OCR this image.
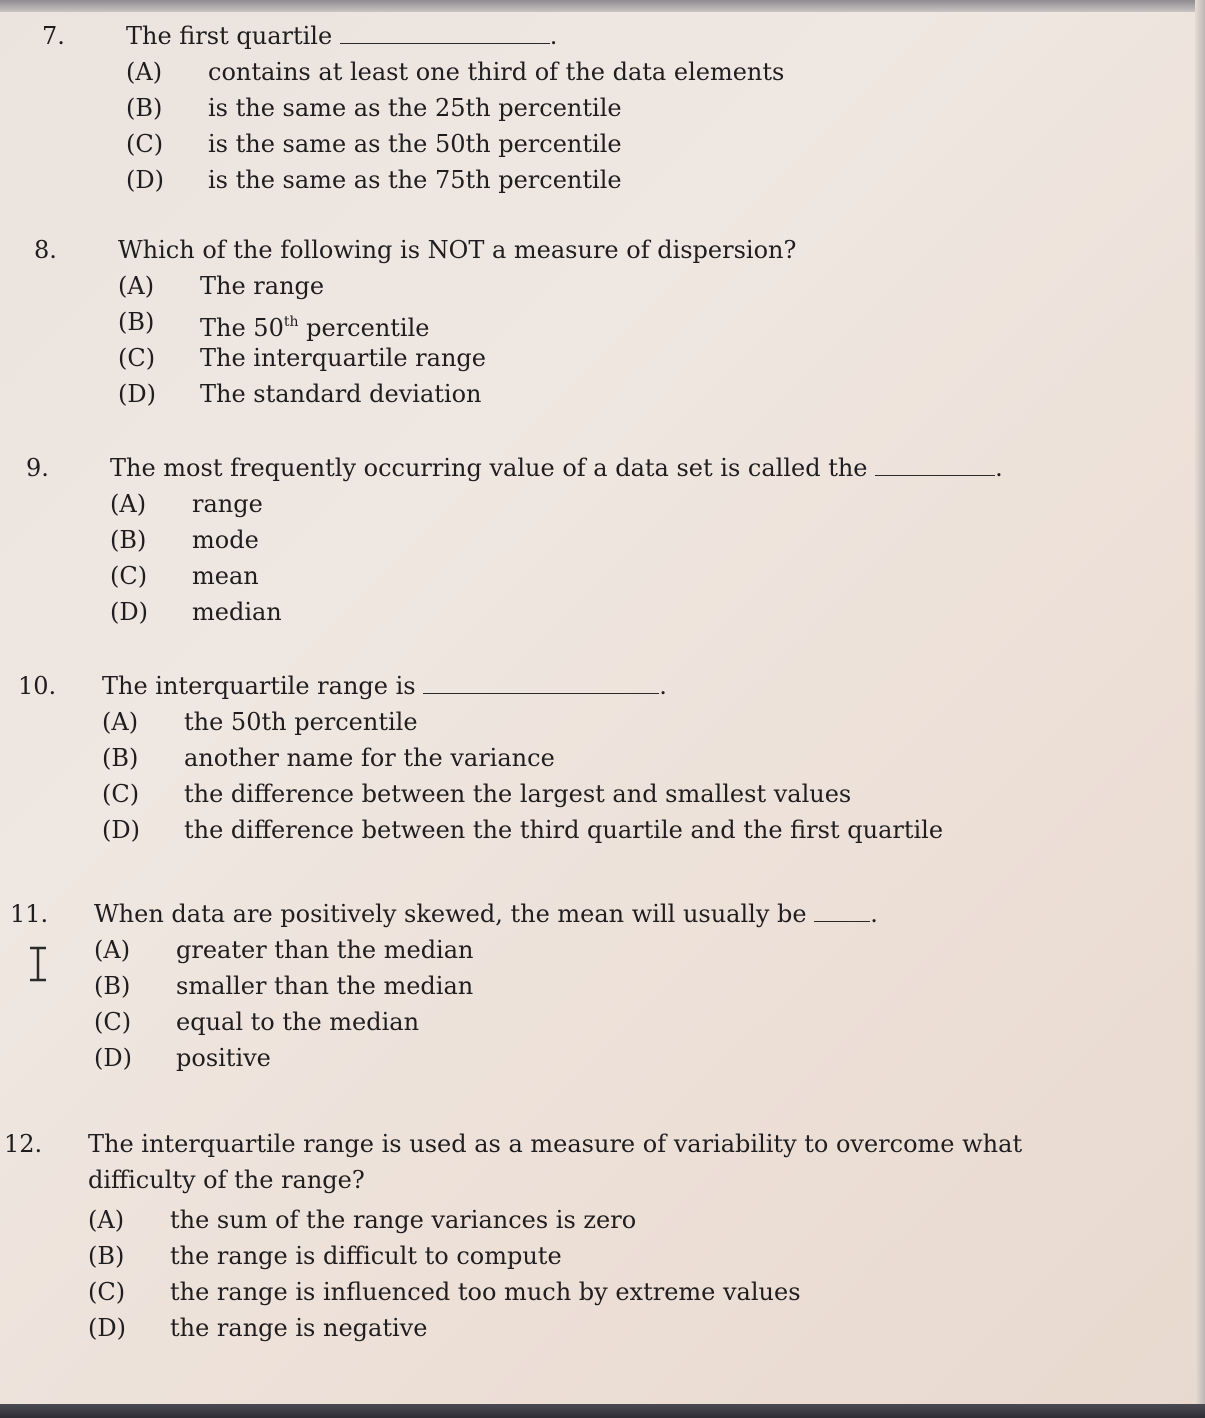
7.	The first quartile	.
(A) contains at least one third of the data elements
(B) is the same as the 25th percentile
(C) is the same as the 50th percentile
(D) is the same as the 75th percentile
8.	Which of the following is NOT a measure of dispersion?
(A) The range
(B) The 50th percentile
(C) The interquartile range
(D) The standard deviation
9.	The most frequently occurring value of a data set is called the	.
(A) range
(B) mode
(C) mean
(D) median
10. The interquartile range is	.
(A) the 50th percentile
(B) another name for the variance
(C) the difference between the largest and smallest values
(D) the difference between the third quartile and the first quartile
11. When data are positively skewed, the mean will usually be .
(A) greater than the median
(B) smaller than the median
(C) equal to the median
(D) positive
12. The interquartile range is used as a measure of variability to overcome what difficulty of the range?
(A) the sum of the range variances is zero
(B) the range is difficult to compute
(C) the range is influenced too much by extreme values
(D) the range is negative
